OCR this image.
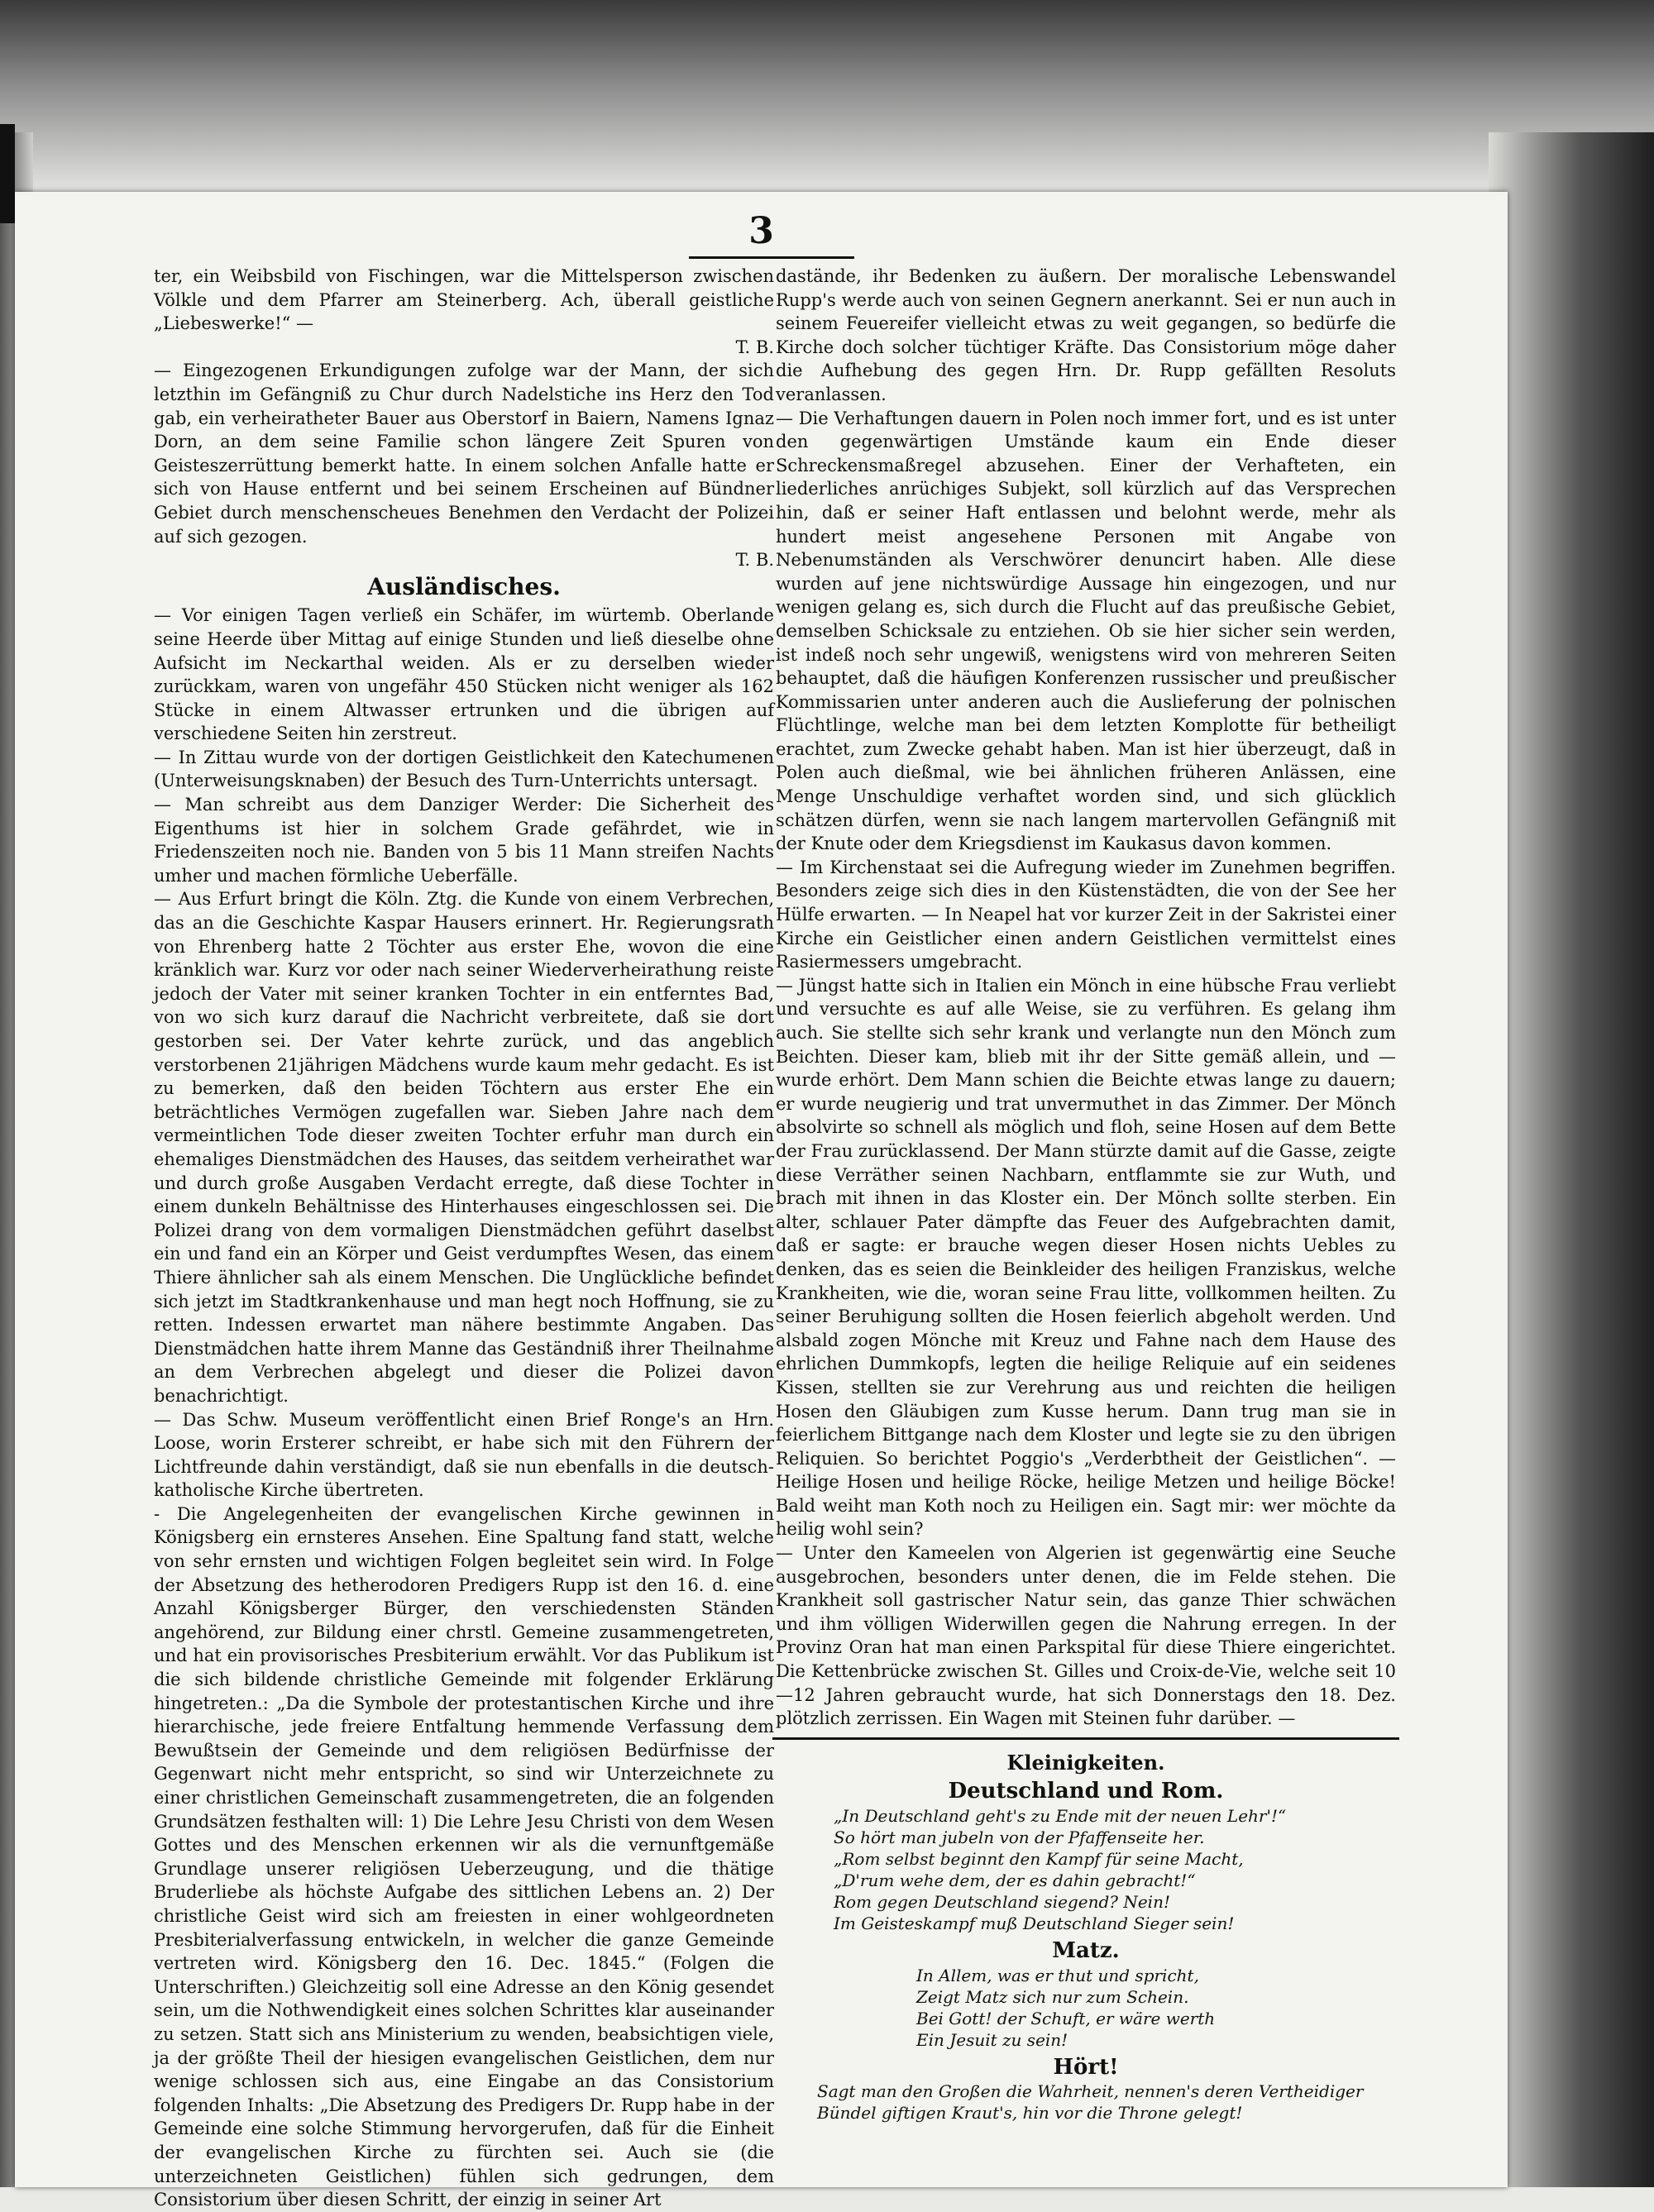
3

ter, ein Weibsbild von Fischingen, war die Mittelsperson zwischen Völkle und dem Pfarrer am Steinerberg. Ach, überall geistliche „Liebeswerke!“ —

T. B.

— Eingezogenen Erkundigungen zufolge war der Mann, der sich letzthin im Gefängniß zu Chur durch Nadelstiche ins Herz den Tod gab, ein verheiratheter Bauer aus Oberstorf in Baiern, Namens Ignaz Dorn, an dem seine Familie schon längere Zeit Spuren von Geisteszerrüttung bemerkt hatte. In einem solchen Anfalle hatte er sich von Hause entfernt und bei seinem Erscheinen auf Bündner Gebiet durch menschenscheues Benehmen den Verdacht der Polizei auf sich gezogen.

T. B.

Ausländisches.

— Vor einigen Tagen verließ ein Schäfer, im würtemb. Oberlande seine Heerde über Mittag auf einige Stunden und ließ dieselbe ohne Aufsicht im Neckarthal weiden. Als er zu derselben wieder zurückkam, waren von ungefähr 450 Stücken nicht weniger als 162 Stücke in einem Altwasser ertrunken und die übrigen auf verschiedene Seiten hin zerstreut.

— In Zittau wurde von der dortigen Geistlichkeit den Katechumenen (Unterweisungsknaben) der Besuch des Turn-Unterrichts untersagt.

— Man schreibt aus dem Danziger Werder: Die Sicherheit des Eigenthums ist hier in solchem Grade gefährdet, wie in Friedenszeiten noch nie. Banden von 5 bis 11 Mann streifen Nachts umher und machen förmliche Ueberfälle.

— Aus Erfurt bringt die Köln. Ztg. die Kunde von einem Verbrechen, das an die Geschichte Kaspar Hausers erinnert. Hr. Regierungsrath von Ehrenberg hatte 2 Töchter aus erster Ehe, wovon die eine kränklich war. Kurz vor oder nach seiner Wiederverheirathung reiste jedoch der Vater mit seiner kranken Tochter in ein entferntes Bad, von wo sich kurz darauf die Nachricht verbreitete, daß sie dort gestorben sei. Der Vater kehrte zurück, und das angeblich verstorbenen 21jährigen Mädchens wurde kaum mehr gedacht. Es ist zu bemerken, daß den beiden Töchtern aus erster Ehe ein beträchtliches Vermögen zugefallen war. Sieben Jahre nach dem vermeintlichen Tode dieser zweiten Tochter erfuhr man durch ein ehemaliges Dienstmädchen des Hauses, das seitdem verheirathet war und durch große Ausgaben Verdacht erregte, daß diese Tochter in einem dunkeln Behältnisse des Hinterhauses eingeschlossen sei. Die Polizei drang von dem vormaligen Dienstmädchen geführt daselbst ein und fand ein an Körper und Geist verdumpftes Wesen, das einem Thiere ähnlicher sah als einem Menschen. Die Unglückliche befindet sich jetzt im Stadtkrankenhause und man hegt noch Hoffnung, sie zu retten. Indessen erwartet man nähere bestimmte Angaben. Das Dienstmädchen hatte ihrem Manne das Geständniß ihrer Theilnahme an dem Verbrechen abgelegt und dieser die Polizei davon benachrichtigt.

— Das Schw. Museum veröffentlicht einen Brief Ronge's an Hrn. Loose, worin Ersterer schreibt, er habe sich mit den Führern der Lichtfreunde dahin verständigt, daß sie nun ebenfalls in die deutsch-katholische Kirche übertreten.

- Die Angelegenheiten der evangelischen Kirche gewinnen in Königsberg ein ernsteres Ansehen. Eine Spaltung fand statt, welche von sehr ernsten und wichtigen Folgen begleitet sein wird. In Folge der Absetzung des hetherodoren Predigers Rupp ist den 16. d. eine Anzahl Königsberger Bürger, den verschiedensten Ständen angehörend, zur Bildung einer chrstl. Gemeine zusammengetreten, und hat ein provisorisches Presbiterium erwählt. Vor das Publikum ist die sich bildende christliche Gemeinde mit folgender Erklärung hingetreten.: „Da die Symbole der protestantischen Kirche und ihre hierarchische, jede freiere Entfaltung hemmende Verfassung dem Bewußtsein der Gemeinde und dem religiösen Bedürfnisse der Gegenwart nicht mehr entspricht, so sind wir Unterzeichnete zu einer christlichen Gemeinschaft zusammengetreten, die an folgenden Grundsätzen festhalten will: 1) Die Lehre Jesu Christi von dem Wesen Gottes und des Menschen erkennen wir als die vernunftgemäße Grundlage unserer religiösen Ueberzeugung, und die thätige Bruderliebe als höchste Aufgabe des sittlichen Lebens an. 2) Der christliche Geist wird sich am freiesten in einer wohlgeordneten Presbiterialverfassung entwickeln, in welcher die ganze Gemeinde vertreten wird. Königsberg den 16. Dec. 1845.“ (Folgen die Unterschriften.) Gleichzeitig soll eine Adresse an den König gesendet sein, um die Nothwendigkeit eines solchen Schrittes klar auseinander zu setzen. Statt sich ans Ministerium zu wenden, beabsichtigen viele, ja der größte Theil der hiesigen evangelischen Geistlichen, dem nur wenige schlossen sich aus, eine Eingabe an das Consistorium folgenden Inhalts: „Die Absetzung des Predigers Dr. Rupp habe in der Gemeinde eine solche Stimmung hervorgerufen, daß für die Einheit der evangelischen Kirche zu fürchten sei. Auch sie (die unterzeichneten Geistlichen) fühlen sich gedrungen, dem Consistorium über diesen Schritt, der einzig in seiner Art

dastände, ihr Bedenken zu äußern. Der moralische Lebenswandel Rupp's werde auch von seinen Gegnern anerkannt. Sei er nun auch in seinem Feuereifer vielleicht etwas zu weit gegangen, so bedürfe die Kirche doch solcher tüchtiger Kräfte. Das Consistorium möge daher die Aufhebung des gegen Hrn. Dr. Rupp gefällten Resoluts veranlassen.

— Die Verhaftungen dauern in Polen noch immer fort, und es ist unter den gegenwärtigen Umstände kaum ein Ende dieser Schreckensmaßregel abzusehen. Einer der Verhafteten, ein liederliches anrüchiges Subjekt, soll kürzlich auf das Versprechen hin, daß er seiner Haft entlassen und belohnt werde, mehr als hundert meist angesehene Personen mit Angabe von Nebenumständen als Verschwörer denuncirt haben. Alle diese wurden auf jene nichtswürdige Aussage hin eingezogen, und nur wenigen gelang es, sich durch die Flucht auf das preußische Gebiet, demselben Schicksale zu entziehen. Ob sie hier sicher sein werden, ist indeß noch sehr ungewiß, wenigstens wird von mehreren Seiten behauptet, daß die häufigen Konferenzen russischer und preußischer Kommissarien unter anderen auch die Auslieferung der polnischen Flüchtlinge, welche man bei dem letzten Komplotte für betheiligt erachtet, zum Zwecke gehabt haben. Man ist hier überzeugt, daß in Polen auch dießmal, wie bei ähnlichen früheren Anlässen, eine Menge Unschuldige verhaftet worden sind, und sich glücklich schätzen dürfen, wenn sie nach langem martervollen Gefängniß mit der Knute oder dem Kriegsdienst im Kaukasus davon kommen.

— Im Kirchenstaat sei die Aufregung wieder im Zunehmen begriffen. Besonders zeige sich dies in den Küstenstädten, die von der See her Hülfe erwarten. — In Neapel hat vor kurzer Zeit in der Sakristei einer Kirche ein Geistlicher einen andern Geistlichen vermittelst eines Rasiermessers umgebracht.

— Jüngst hatte sich in Italien ein Mönch in eine hübsche Frau verliebt und versuchte es auf alle Weise, sie zu verführen. Es gelang ihm auch. Sie stellte sich sehr krank und verlangte nun den Mönch zum Beichten. Dieser kam, blieb mit ihr der Sitte gemäß allein, und — wurde erhört. Dem Mann schien die Beichte etwas lange zu dauern; er wurde neugierig und trat unvermuthet in das Zimmer. Der Mönch absolvirte so schnell als möglich und floh, seine Hosen auf dem Bette der Frau zurücklassend. Der Mann stürzte damit auf die Gasse, zeigte diese Verräther seinen Nachbarn, entflammte sie zur Wuth, und brach mit ihnen in das Kloster ein. Der Mönch sollte sterben. Ein alter, schlauer Pater dämpfte das Feuer des Aufgebrachten damit, daß er sagte: er brauche wegen dieser Hosen nichts Uebles zu denken, das es seien die Beinkleider des heiligen Franziskus, welche Krankheiten, wie die, woran seine Frau litte, vollkommen heilten. Zu seiner Beruhigung sollten die Hosen feierlich abgeholt werden. Und alsbald zogen Mönche mit Kreuz und Fahne nach dem Hause des ehrlichen Dummkopfs, legten die heilige Reliquie auf ein seidenes Kissen, stellten sie zur Verehrung aus und reichten die heiligen Hosen den Gläubigen zum Kusse herum. Dann trug man sie in feierlichem Bittgange nach dem Kloster und legte sie zu den übrigen Reliquien. So berichtet Poggio's „Verderbtheit der Geistlichen“. — Heilige Hosen und heilige Röcke, heilige Metzen und heilige Böcke! Bald weiht man Koth noch zu Heiligen ein. Sagt mir: wer möchte da heilig wohl sein?

— Unter den Kameelen von Algerien ist gegenwärtig eine Seuche ausgebrochen, besonders unter denen, die im Felde stehen. Die Krankheit soll gastrischer Natur sein, das ganze Thier schwächen und ihm völligen Widerwillen gegen die Nahrung erregen. In der Provinz Oran hat man einen Parkspital für diese Thiere eingerichtet. Die Kettenbrücke zwischen St. Gilles und Croix-de-Vie, welche seit 10—12 Jahren gebraucht wurde, hat sich Donnerstags den 18. Dez. plötzlich zerrissen. Ein Wagen mit Steinen fuhr darüber. —

Kleinigkeiten.
Deutschland und Rom.
„In Deutschland geht's zu Ende mit der neuen Lehr'!“
So hört man jubeln von der Pfaffenseite her.
„Rom selbst beginnt den Kampf für seine Macht,
„D'rum wehe dem, der es dahin gebracht!“
Rom gegen Deutschland siegend? Nein!
Im Geisteskampf muß Deutschland Sieger sein!
Matz.
In Allem, was er thut und spricht,
Zeigt Matz sich nur zum Schein.
Bei Gott! der Schuft, er wäre werth
Ein Jesuit zu sein!
Hört!
Sagt man den Großen die Wahrheit, nennen's deren Vertheidiger
Bündel giftigen Kraut's, hin vor die Throne gelegt!
